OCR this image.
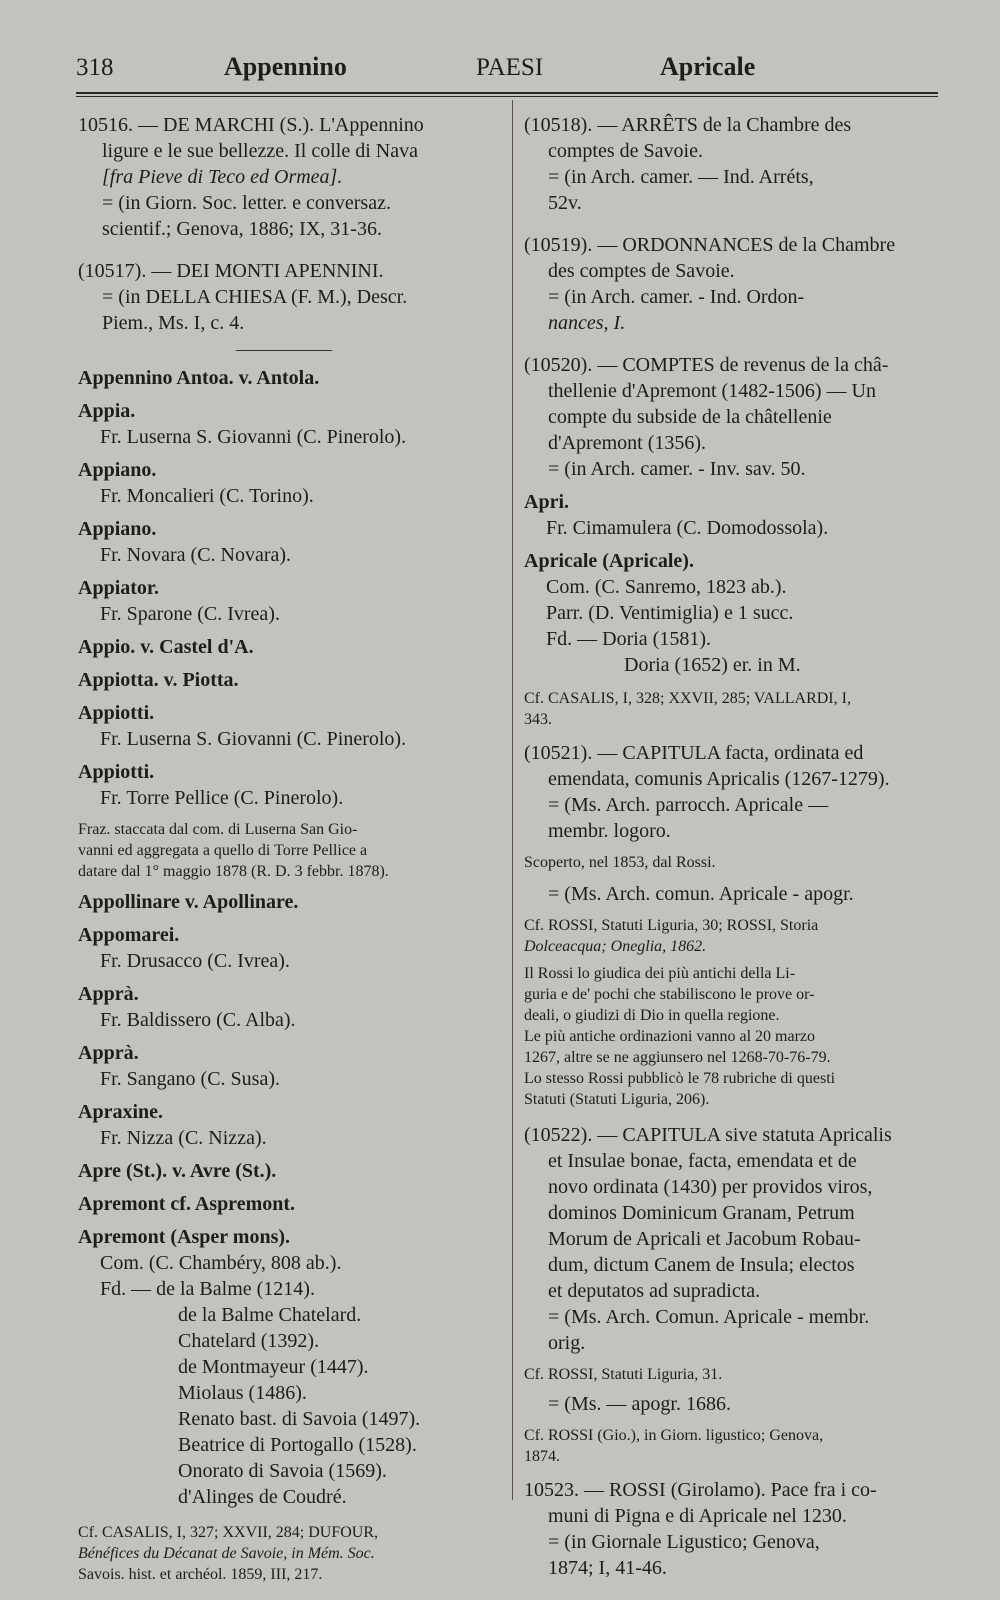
318	Appennino	PAESI	Apricale

10516. — DE MARCHI (S.). L'Appennino

ligure e le sue bellezze. Il colle di Nava

[fra Pieve di Teco ed Ormea].

= (in Giorn. Soc. letter. e conversaz.

scientif.; Genova, 1886; IX, 31-36.

(10517). — DEI MONTI APENNINI.

= (in DELLA CHIESA (F. M.), Descr.

Piem., Ms. I, c. 4.

Appennino Antoa. v. Antola.

Appia.

Fr. Luserna S. Giovanni (C. Pinerolo).

Appiano.

Fr. Moncalieri (C. Torino).

Appiano.

Fr. Novara (C. Novara).

Appiator.

Fr. Sparone (C. Ivrea).

Appio. v. Castel d'A.

Appiotta. v. Piotta.

Appiotti.

Fr. Luserna S. Giovanni (C. Pinerolo).

Appiotti.

Fr. Torre Pellice (C. Pinerolo).

Fraz. staccata dal com. di Luserna San Gio-

vanni ed aggregata a quello di Torre Pellice a

datare dal 1° maggio 1878 (R. D. 3 febbr. 1878).

Appollinare v. Apollinare.

Appomarei.

Fr. Drusacco (C. Ivrea).

Apprà.

Fr. Baldissero (C. Alba).

Apprà.

Fr. Sangano (C. Susa).

Apraxine.

Fr. Nizza (C. Nizza).

Apre (St.). v. Avre (St.).

Apremont cf. Aspremont.

Apremont (Asper mons).

Com. (C. Chambéry, 808 ab.).

Fd. — de la Balme (1214).

de la Balme Chatelard.

Chatelard (1392).

de Montmayeur (1447).

Miolaus (1486).

Renato bast. di Savoia (1497).

Beatrice di Portogallo (1528).

Onorato di Savoia (1569).

d'Alinges de Coudré.

Cf. CASALIS, I, 327; XXVII, 284; DUFOUR,

Bénéfices du Décanat de Savoie, in Mém. Soc.

Savois. hist. et archéol. 1859, III, 217.

(10518). — ARRÊTS de la Chambre des

comptes de Savoie.

= (in Arch. camer. — Ind. Arréts,

52v.

(10519). — ORDONNANCES de la Chambre

des comptes de Savoie.

= (in Arch. camer. - Ind. Ordon-

nances, I.

(10520). — COMPTES de revenus de la châ-

thellenie d'Apremont (1482-1506) — Un

compte du subside de la châtellenie

d'Apremont (1356).

= (in Arch. camer. - Inv. sav. 50.

Apri.

Fr. Cimamulera (C. Domodossola).

Apricale (Apricale).

Com. (C. Sanremo, 1823 ab.).

Parr. (D. Ventimiglia) e 1 succ.

Fd. — Doria (1581).

Doria (1652) er. in M.

Cf. CASALIS, I, 328; XXVII, 285; VALLARDI, I,

343.

(10521). — CAPITULA facta, ordinata ed

emendata, comunis Apricalis (1267-1279).

= (Ms. Arch. parrocch. Apricale —

membr. logoro.

Scoperto, nel 1853, dal Rossi.

= (Ms. Arch. comun. Apricale - apogr.

Cf. ROSSI, Statuti Liguria, 30; ROSSI, Storia

Dolceacqua; Oneglia, 1862.

Il Rossi lo giudica dei più antichi della Li-

guria e de' pochi che stabiliscono le prove or-

deali, o giudizi di Dio in quella regione.

Le più antiche ordinazioni vanno al 20 marzo

1267, altre se ne aggiunsero nel 1268-70-76-79.

Lo stesso Rossi pubblicò le 78 rubriche di questi

Statuti (Statuti Liguria, 206).

(10522). — CAPITULA sive statuta Apricalis

et Insulae bonae, facta, emendata et de

novo ordinata (1430) per providos viros,

dominos Dominicum Granam, Petrum

Morum de Apricali et Jacobum Robau-

dum, dictum Canem de Insula; electos

et deputatos ad supradicta.

= (Ms. Arch. Comun. Apricale - membr.

orig.

Cf. ROSSI, Statuti Liguria, 31.

= (Ms. — apogr. 1686.

Cf. ROSSI (Gio.), in Giorn. ligustico; Genova,

1874.

10523. — ROSSI (Girolamo). Pace fra i co-

muni di Pigna e di Apricale nel 1230.

= (in Giornale Ligustico; Genova,

1874; I, 41-46.
